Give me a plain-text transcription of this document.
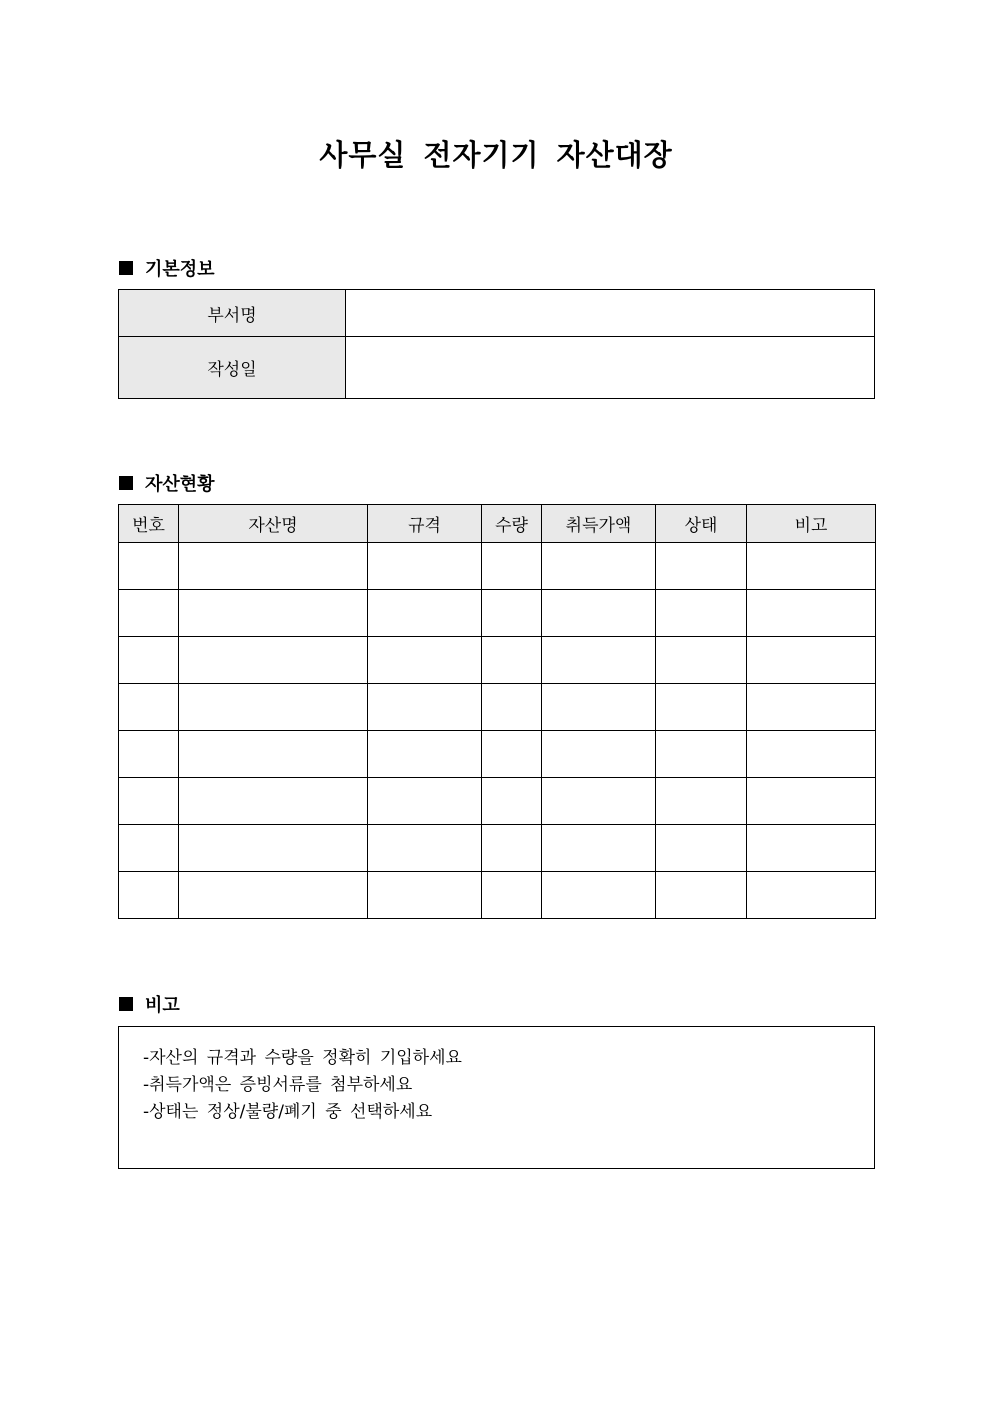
사무실 전자기기 자산대장
기본정보
부서명	
작성일	
자산현황
번호	자산명	규격	수량	취득가액	상태	비고

비고
-자산의 규격과 수량을 정확히 기입하세요
-취득가액은 증빙서류를 첨부하세요
-상태는 정상/불량/폐기 중 선택하세요
